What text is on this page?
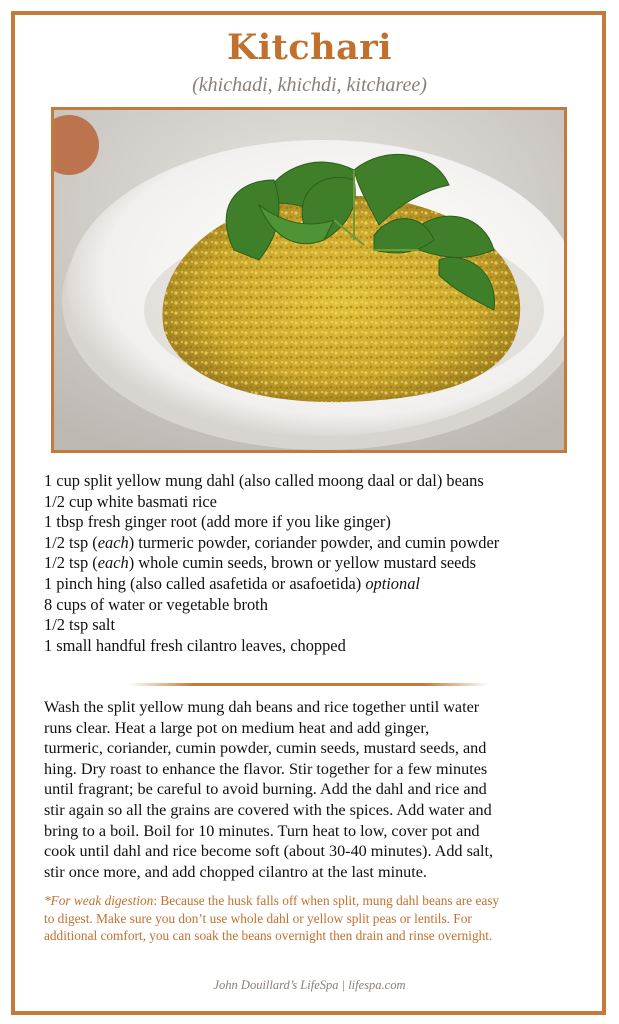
Kitchari
(khichadi, khichdi, kitcharee)
1 cup split yellow mung dahl (also called moong daal or dal) beans
1/2 cup white basmati rice
1 tbsp fresh ginger root (add more if you like ginger)
1/2 tsp (each) turmeric powder, coriander powder, and cumin powder
1/2 tsp (each) whole cumin seeds, brown or yellow mustard seeds
1 pinch hing (also called asafetida or asafoetida) optional
8 cups of water or vegetable broth
1/2 tsp salt
1 small handful fresh cilantro leaves, chopped
Wash the split yellow mung dah beans and rice together until water
runs clear. Heat a large pot on medium heat and add ginger,
turmeric, coriander, cumin powder, cumin seeds, mustard seeds, and
hing. Dry roast to enhance the flavor. Stir together for a few minutes
until fragrant; be careful to avoid burning. Add the dahl and rice and
stir again so all the grains are covered with the spices. Add water and
bring to a boil. Boil for 10 minutes. Turn heat to low, cover pot and
cook until dahl and rice become soft (about 30-40 minutes). Add salt,
stir once more, and add chopped cilantro at the last minute.
*For weak digestion: Because the husk falls off when split, mung dahl beans are easy
to digest. Make sure you don’t use whole dahl or yellow split peas or lentils. For
additional comfort, you can soak the beans overnight then drain and rinse overnight.
John Douillard’s LifeSpa | lifespa.com
